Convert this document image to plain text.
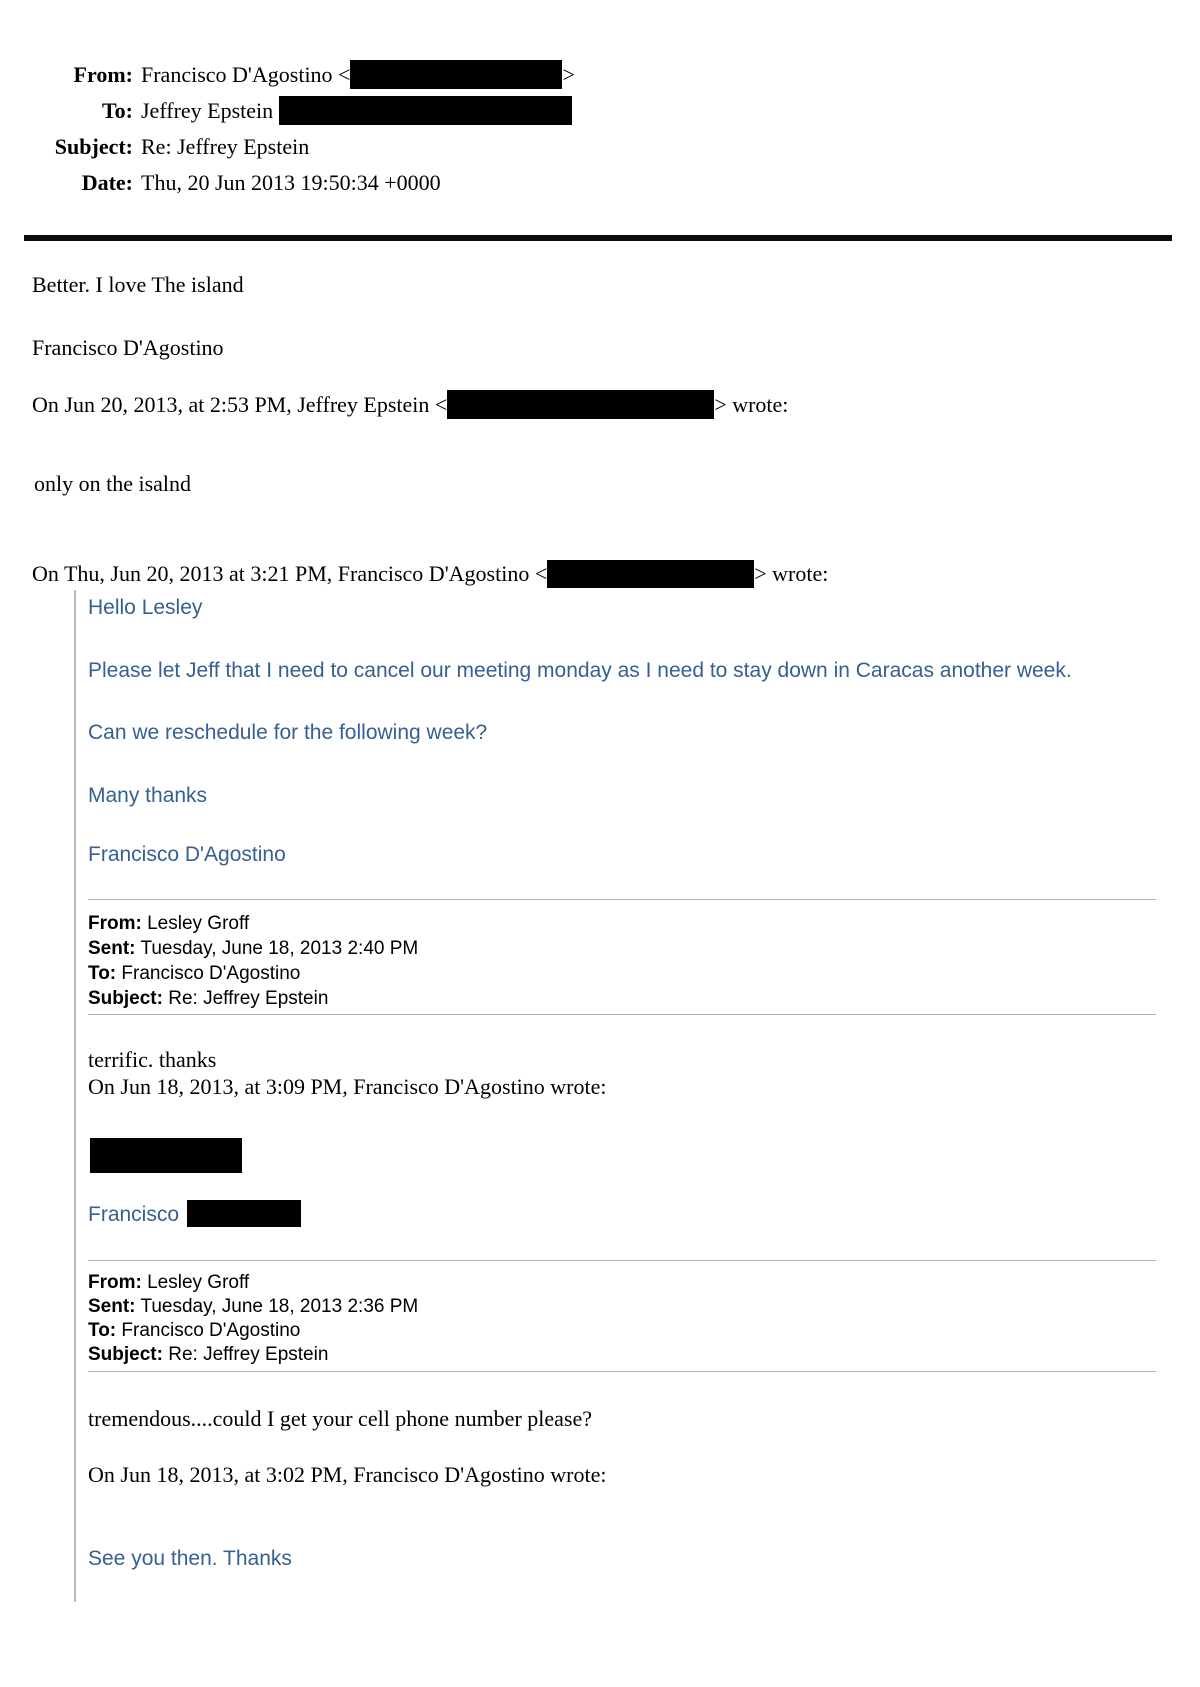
From: Francisco D'Agostino <	>
To: Jeffrey Epstein
Subject: Re: Jeffrey Epstein
Date: Thu, 20 Jun 2013 19:50:34 +0000

Better. I love The island

Francisco D'Agostino

On Jun 20, 2013, at 2:53 PM, Jeffrey Epstein <	> wrote:

only on the isalnd

On Thu, Jun 20, 2013 at 3:21 PM, Francisco D'Agostino <	> wrote:

Hello Lesley

Please let Jeff that I need to cancel our meeting monday as I need to stay down in Caracas another week.

Can we reschedule for the following week?

Many thanks

Francisco D'Agostino

From: Lesley Groff
Sent: Tuesday, June 18, 2013 2:40 PM
To: Francisco D'Agostino
Subject: Re: Jeffrey Epstein

terrific. thanks
On Jun 18, 2013, at 3:09 PM, Francisco D'Agostino wrote:

Francisco

From: Lesley Groff
Sent: Tuesday, June 18, 2013 2:36 PM
To: Francisco D'Agostino
Subject: Re: Jeffrey Epstein

tremendous....could I get your cell phone number please?

On Jun 18, 2013, at 3:02 PM, Francisco D'Agostino wrote:

See you then. Thanks
